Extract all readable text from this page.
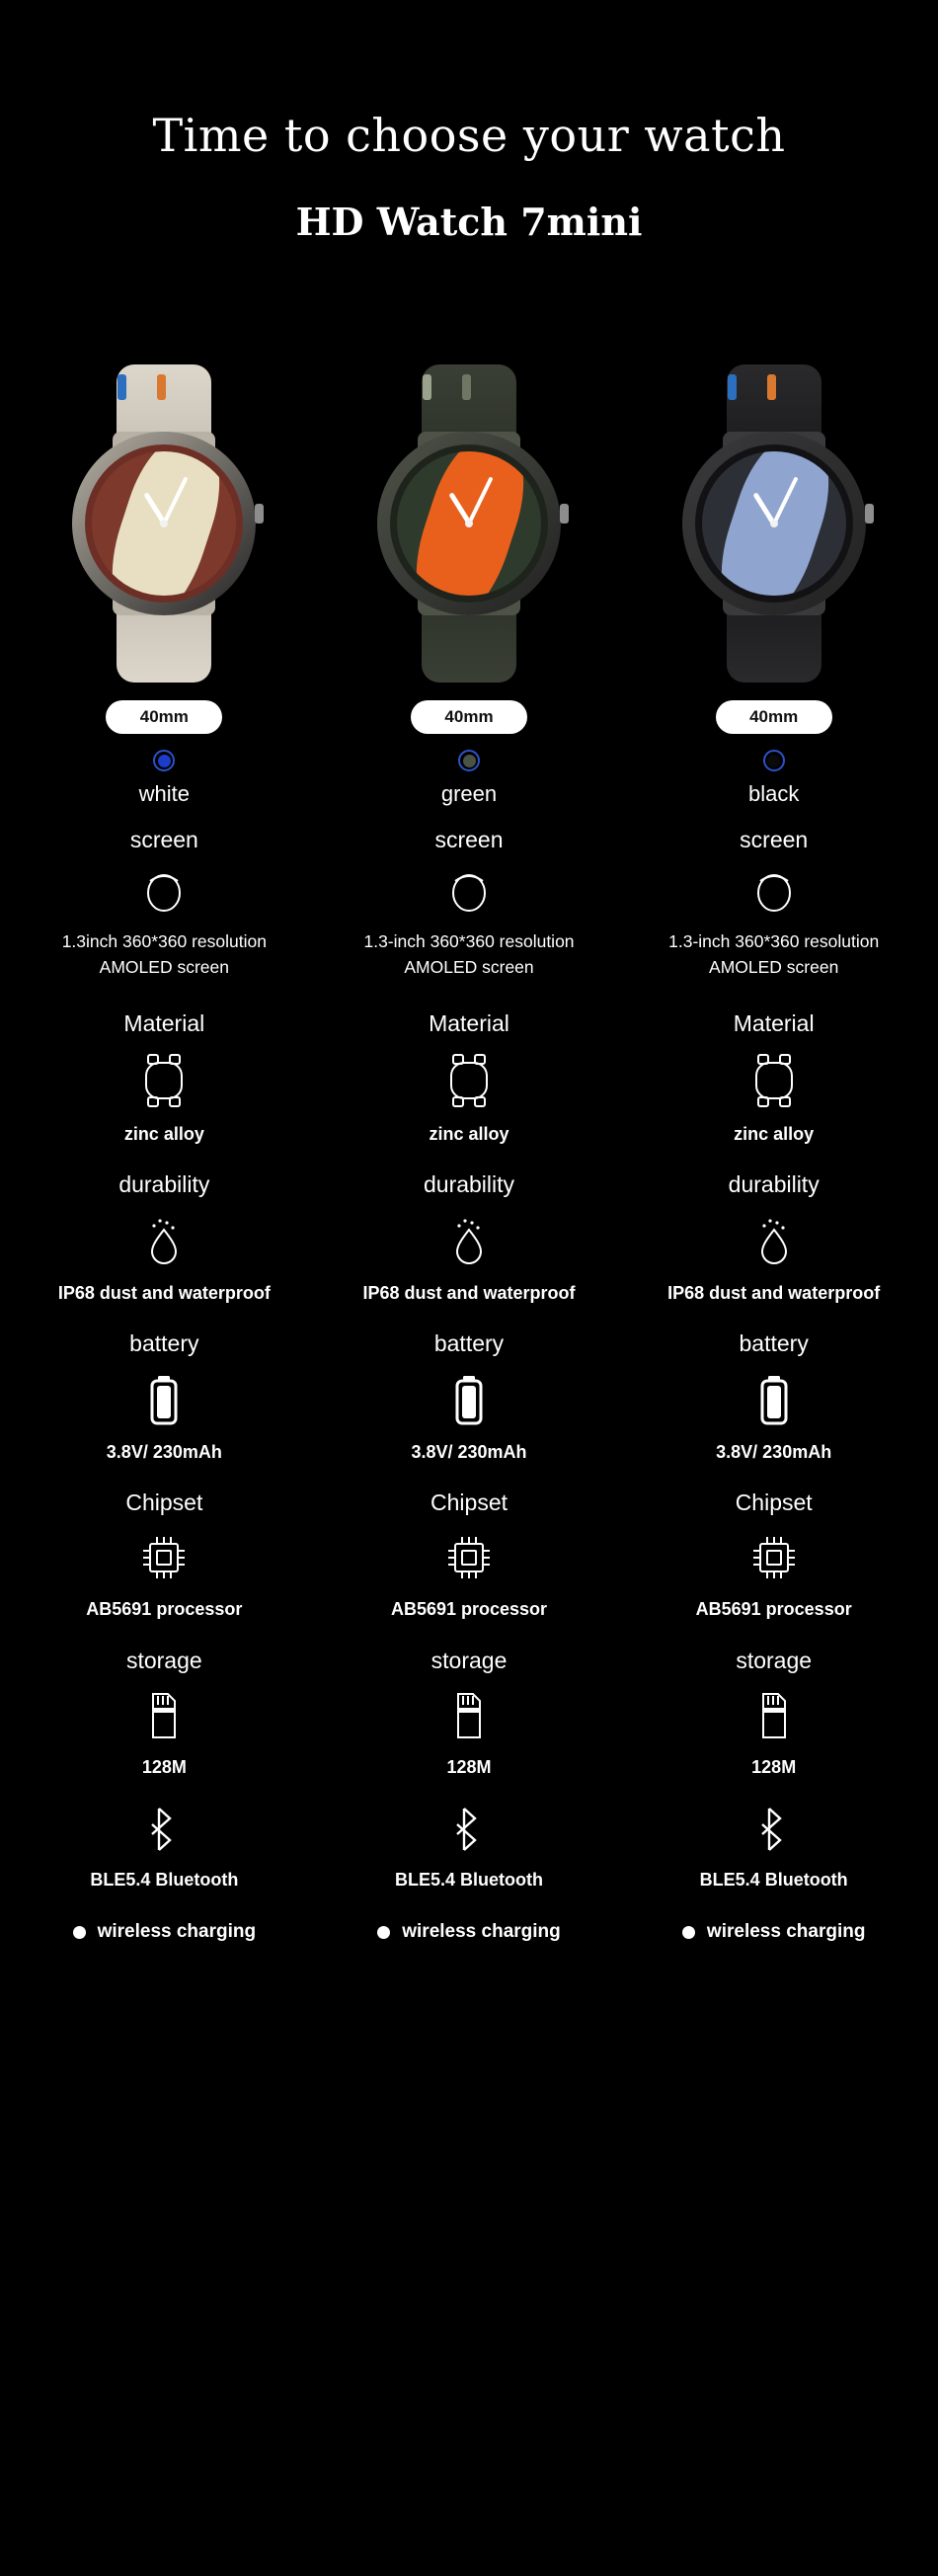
Time to choose your watch
HD Watch 7mini
40mm
white
screen
1.3inch 360*360 resolution
AMOLED screen
Material
zinc alloy
durability
IP68 dust and waterproof
battery
3.8V/ 230mAh
Chipset
AB5691 processor
storage
128M
BLE5.4 Bluetooth
wireless charging
40mm
green
screen
1.3-inch 360*360 resolution
AMOLED screen
Material
zinc alloy
durability
IP68 dust and waterproof
battery
3.8V/ 230mAh
Chipset
AB5691 processor
storage
128M
BLE5.4 Bluetooth
wireless charging
40mm
black
screen
1.3-inch 360*360 resolution
AMOLED screen
Material
zinc alloy
durability
IP68 dust and waterproof
battery
3.8V/ 230mAh
Chipset
AB5691 processor
storage
128M
BLE5.4 Bluetooth
wireless charging
